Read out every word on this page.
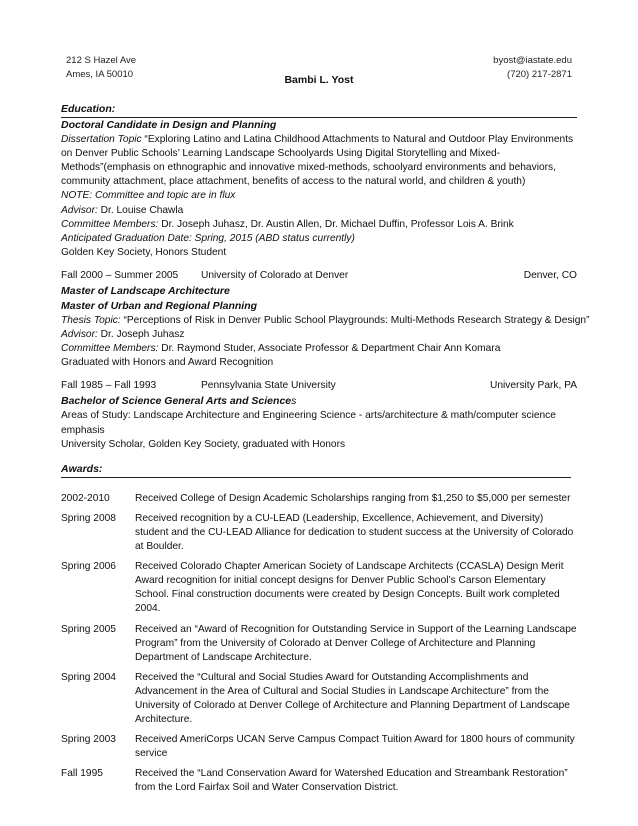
212 S Hazel Ave
Ames, IA 50010
byost@iastate.edu
(720) 217-2871
Bambi L. Yost
Education:
Doctoral Candidate in Design and Planning
Dissertation Topic “Exploring Latino and Latina Childhood Attachments to Natural and Outdoor Play Environments on Denver Public Schools’ Learning Landscape Schoolyards Using Digital Storytelling and Mixed-Methods”(emphasis on ethnographic and innovative mixed-methods, schoolyard environments and behaviors, community attachment, place attachment, benefits of access to the natural world, and children & youth)
NOTE: Committee and topic are in flux
Advisor: Dr. Louise Chawla
Committee Members: Dr. Joseph Juhasz, Dr. Austin Allen, Dr. Michael Duffin, Professor Lois A. Brink
Anticipated Graduation Date: Spring, 2015 (ABD status currently)
Golden Key Society, Honors Student
Fall 2000 – Summer 2005 University of Colorado at Denver	Denver, CO
Master of Landscape Architecture
Master of Urban and Regional Planning
Thesis Topic: “Perceptions of Risk in Denver Public School Playgrounds: Multi-Methods Research Strategy & Design”
Advisor: Dr. Joseph Juhasz
Committee Members: Dr. Raymond Studer, Associate Professor & Department Chair Ann Komara
Graduated with Honors and Award Recognition
Fall 1985 – Fall 1993	Pennsylvania State University	University Park, PA
Bachelor of Science General Arts and Sciences
Areas of Study: Landscape Architecture and Engineering Science - arts/architecture & math/computer science emphasis
University Scholar, Golden Key Society, graduated with Honors
Awards:
2002-2010	Received College of Design Academic Scholarships ranging from $1,250 to $5,000 per semester
Spring 2008	Received recognition by a CU-LEAD (Leadership, Excellence, Achievement, and Diversity) student and the CU-LEAD Alliance for dedication to student success at the University of Colorado at Boulder.
Spring 2006	Received Colorado Chapter American Society of Landscape Architects (CCASLA) Design Merit Award recognition for initial concept designs for Denver Public School’s Carson Elementary School. Final construction documents were created by Design Concepts. Built work completed 2004.
Spring 2005	Received an “Award of Recognition for Outstanding Service in Support of the Learning Landscape Program” from the University of Colorado at Denver College of Architecture and Planning Department of Landscape Architecture.
Spring 2004	Received the “Cultural and Social Studies Award for Outstanding Accomplishments and Advancement in the Area of Cultural and Social Studies in Landscape Architecture” from the University of Colorado at Denver College of Architecture and Planning Department of Landscape Architecture.
Spring 2003	Received AmeriCorps UCAN Serve Campus Compact Tuition Award for 1800 hours of community service
Fall 1995	Received the “Land Conservation Award for Watershed Education and Streambank Restoration” from the Lord Fairfax Soil and Water Conservation District.
